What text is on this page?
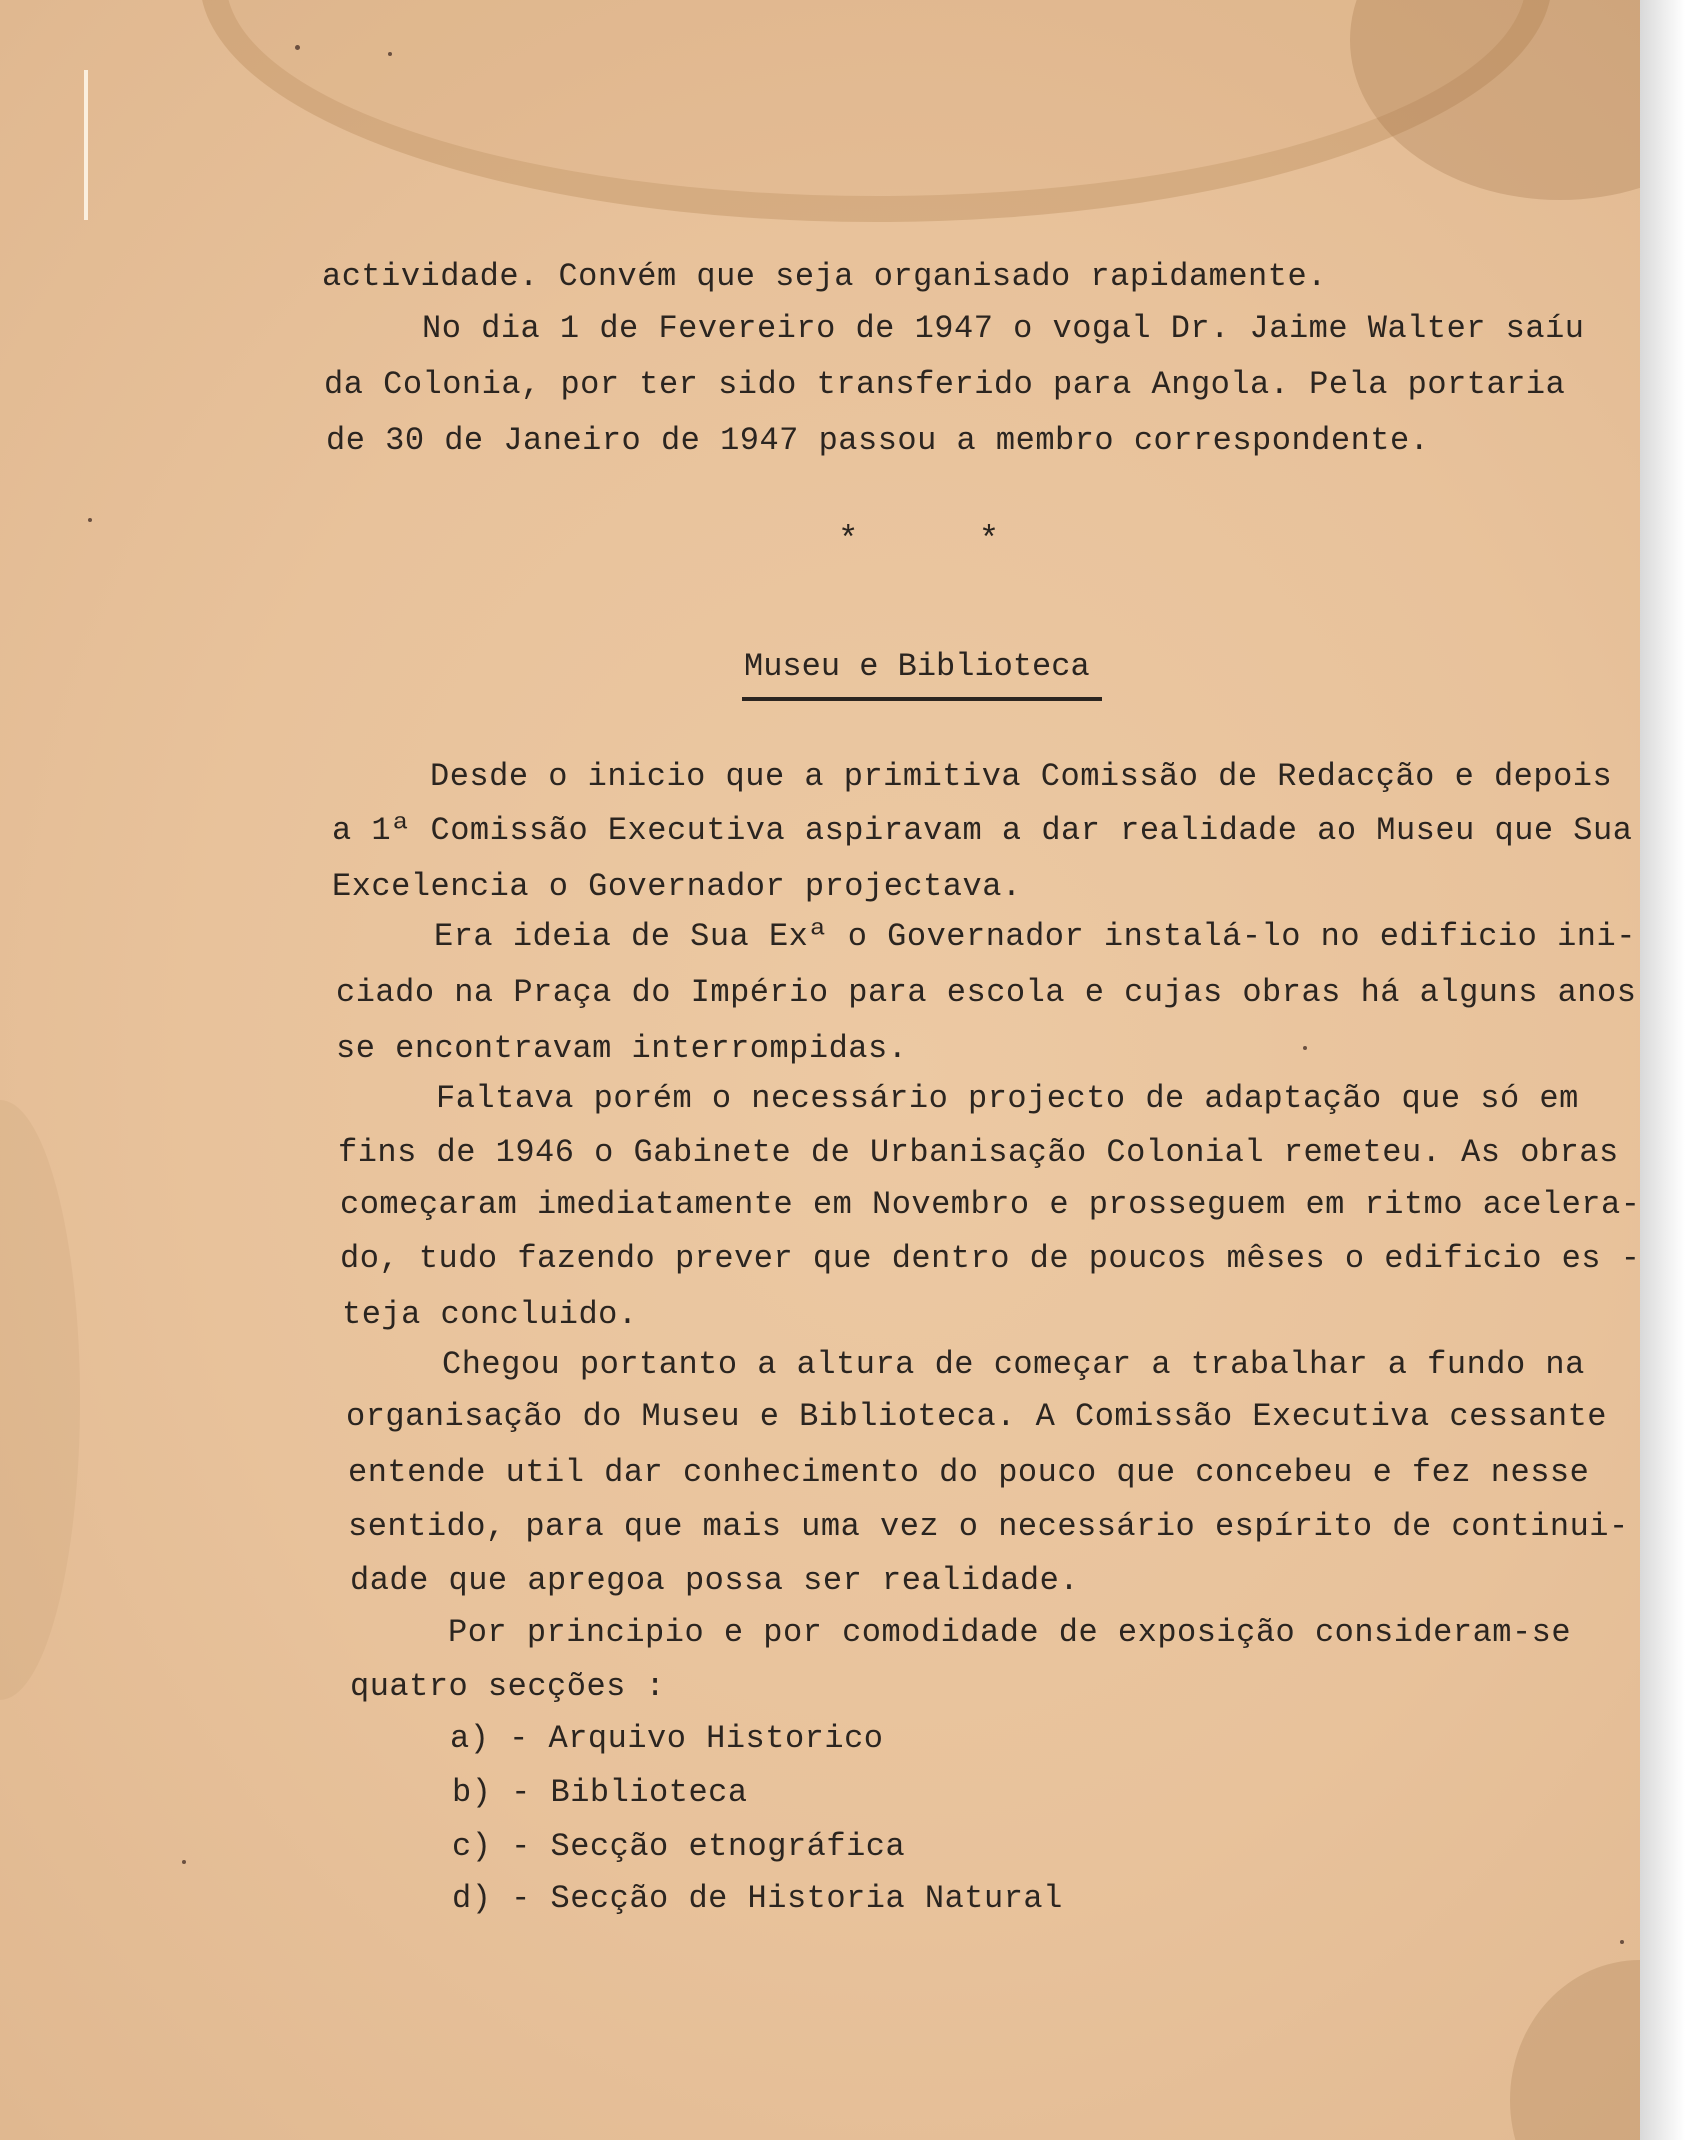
actividade. Convém que seja organisado rapidamente.
No dia 1 de Fevereiro de 1947 o vogal Dr. Jaime Walter saíu
da Colonia, por ter sido transferido para Angola. Pela portaria
de 30 de Janeiro de 1947 passou a membro correspondente.
* *
Museu e Biblioteca
Desde o inicio que a primitiva Comissão de Redacção e depois
a 1ª Comissão Executiva aspiravam a dar realidade ao Museu que Sua
Excelencia o Governador projectava.
Era ideia de Sua Exª o Governador instalá-lo no edificio ini-
ciado na Praça do Império para escola e cujas obras há alguns anos
se encontravam interrompidas.
Faltava porém o necessário projecto de adaptação que só em
fins de 1946 o Gabinete de Urbanisação Colonial remeteu. As obras
começaram imediatamente em Novembro e prosseguem em ritmo acelera-
do, tudo fazendo prever que dentro de poucos mêses o edificio es -
teja concluido.
Chegou portanto a altura de começar a trabalhar a fundo na
organisação do Museu e Biblioteca. A Comissão Executiva cessante
entende util dar conhecimento do pouco que concebeu e fez nesse
sentido, para que mais uma vez o necessário espírito de continui-
dade que apregoa possa ser realidade.
Por principio e por comodidade de exposição consideram-se
quatro secções :
a) - Arquivo Historico
b) - Biblioteca
c) - Secção etnográfica
d) - Secção de Historia Natural
